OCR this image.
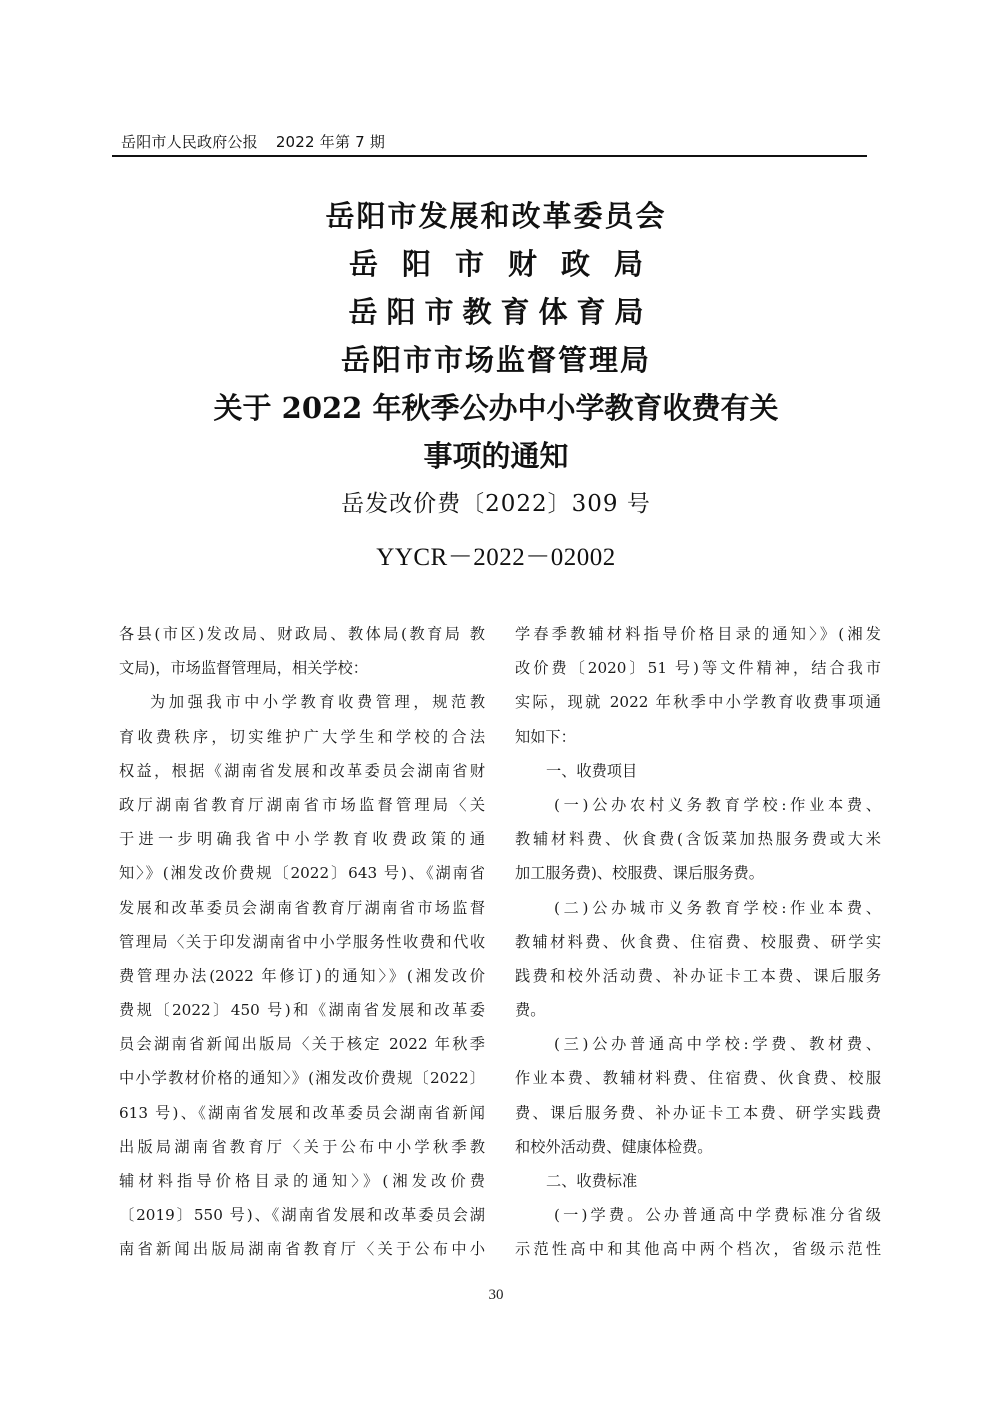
岳阳市人民政府公报 2022 年第 7 期
岳阳市发展和改革委员会
岳阳市财政局
岳阳市教育体育局
岳阳市市场监督管理局
关于 2022 年秋季公办中小学教育收费有关
事项的通知
岳发改价费〔2022〕309 号
YYCR－2022－02002
各县(市区)发改局、财政局、教体局(教育局 教
文局)，市场监督管理局，相关学校：
为加强我市中小学教育收费管理，规范教
育收费秩序，切实维护广大学生和学校的合法
权益，根据《湖南省发展和改革委员会湖南省财
政厅湖南省教育厅湖南省市场监督管理局〈关
于进一步明确我省中小学教育收费政策的通
知〉》(湘发改价费规〔2022〕643 号)、《湖南省
发展和改革委员会湖南省教育厅湖南省市场监督
管理局〈关于印发湖南省中小学服务性收费和代收
费管理办法(2022 年修订)的通知〉》(湘发改价
费规〔2022〕450 号)和《湖南省发展和改革委
员会湖南省新闻出版局〈关于核定 2022 年秋季
中小学教材价格的通知〉》(湘发改价费规〔2022〕
613 号)、《湖南省发展和改革委员会湖南省新闻
出版局湖南省教育厅〈关于公布中小学秋季教
辅材料指导价格目录的通知〉》(湘发改价费
〔2019〕550 号)、《湖南省发展和改革委员会湖
南省新闻出版局湖南省教育厅〈关于公布中小
学春季教辅材料指导价格目录的通知〉》(湘发
改价费〔2020〕51 号)等文件精神，结合我市
实际，现就 2022 年秋季中小学教育收费事项通
知如下：
一、收费项目
(一)公办农村义务教育学校:作业本费、
教辅材料费、伙食费(含饭菜加热服务费或大米
加工服务费)、校服费、课后服务费。
(二)公办城市义务教育学校:作业本费、
教辅材料费、伙食费、住宿费、校服费、研学实
践费和校外活动费、补办证卡工本费、课后服务
费。
(三)公办普通高中学校:学费、教材费、
作业本费、教辅材料费、住宿费、伙食费、校服
费、课后服务费、补办证卡工本费、研学实践费
和校外活动费、健康体检费。
二、收费标准
(一)学费。公办普通高中学费标准分省级
示范性高中和其他高中两个档次，省级示范性
30
